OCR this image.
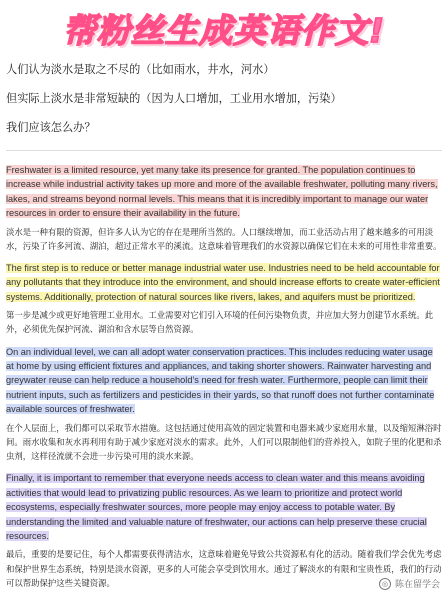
帮粉丝生成英语作文!
人们认为淡水是取之不尽的（比如雨水，井水，河水）
但实际上淡水是非常短缺的（因为人口增加，工业用水增加，污染）
我们应该怎么办？
Freshwater is a limited resource, yet many take its presence for granted. The population continues to increase while industrial activity takes up more and more of the available freshwater, polluting many rivers, lakes, and streams beyond normal levels. This means that it is incredibly important to manage our water resources in order to ensure their availability in the future.
淡水是一种有限的资源，但许多人认为它的存在是理所当然的。人口继续增加，而工业活动占用了越来越多的可用淡水，污染了许多河流、湖泊，超过正常水平的溪流。这意味着管理我们的水资源以确保它们在未来的可用性非常重要。
The first step is to reduce or better manage industrial water use. Industries need to be held accountable for any pollutants that they introduce into the environment, and should increase efforts to create water-efficient systems. Additionally, protection of natural sources like rivers, lakes, and aquifers must be prioritized.
第一步是减少或更好地管理工业用水。工业需要对它们引入环境的任何污染物负责，并应加大努力创建节水系统。此外，必须优先保护河流、湖泊和含水层等自然资源。
On an individual level, we can all adopt water conservation practices. This includes reducing water usage at home by using efficient fixtures and appliances, and taking shorter showers. Rainwater harvesting and greywater reuse can help reduce a household’s need for fresh water. Furthermore, people can limit their nutrient inputs, such as fertilizers and pesticides in their yards, so that runoff does not further contaminate available sources of freshwater.
在个人层面上，我们都可以采取节水措施。这包括通过使用高效的固定装置和电器来减少家庭用水量，以及缩短淋浴时间。雨水收集和灰水再利用有助于减少家庭对淡水的需求。此外，人们可以限制他们的营养投入，如院子里的化肥和杀虫剂，这样径流就不会进一步污染可用的淡水来源。
Finally, it is important to remember that everyone needs access to clean water and this means avoiding activities that would lead to privatizing public resources. As we learn to prioritize and protect world ecosystems, especially freshwater sources, more people may enjoy access to potable water. By understanding the limited and valuable nature of freshwater, our actions can help preserve these crucial resources.
最后，重要的是要记住，每个人都需要获得清洁水，这意味着避免导致公共资源私有化的活动。随着我们学会优先考虑和保护世界生态系统，特别是淡水资源，更多的人可能会享受到饮用水。通过了解淡水的有限和宝贵性质，我们的行动可以帮助保护这些关键资源。	◎ 陈在留学会
